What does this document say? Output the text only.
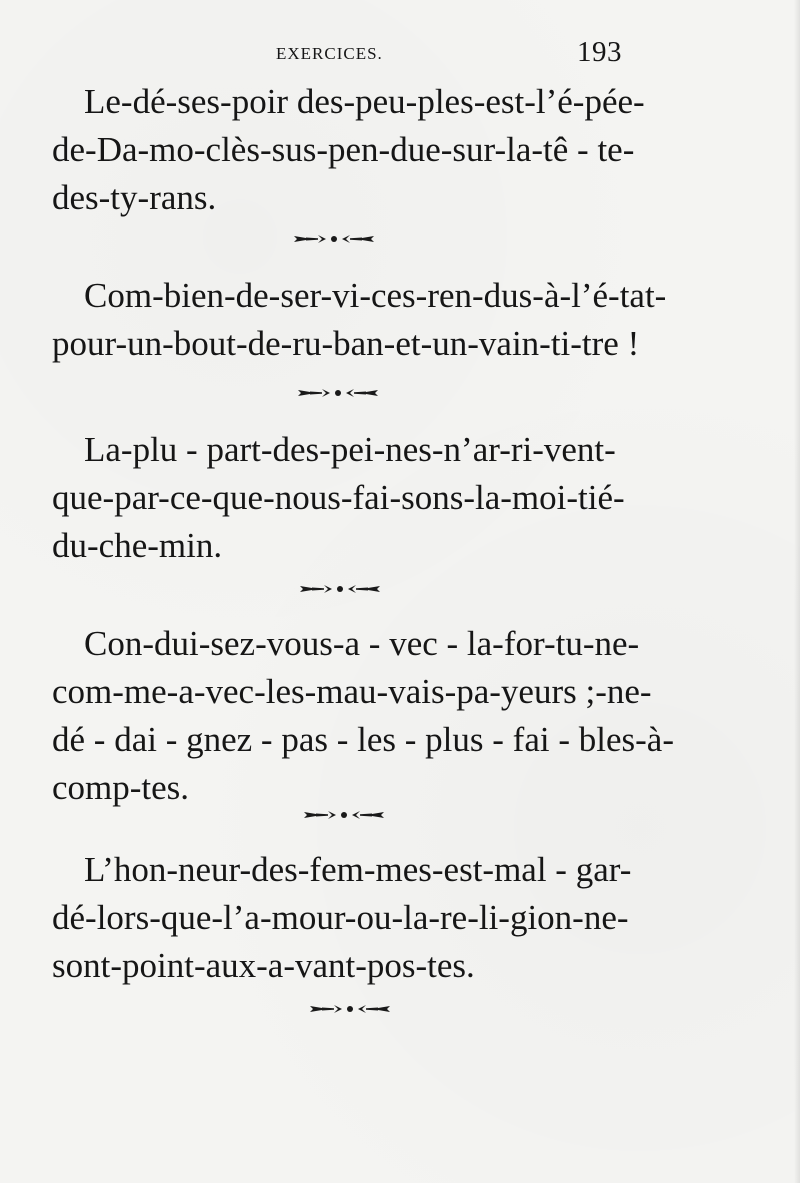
EXERCICES.	193
Le-dé-ses-poir des-peu-ples-est-l’é-pée-
de-Da-mo-clès-sus-pen-due-sur-la-tê - te-
des-ty-rans.
Com-bien-de-ser-vi-ces-ren-dus-à-l’é-tat-
pour-un-bout-de-ru-ban-et-un-vain-ti-tre !
La-plu - part-des-pei-nes-n’ar-ri-vent-
que-par-ce-que-nous-fai-sons-la-moi-tié-
du-che-min.
Con-dui-sez-vous-a - vec - la-for-tu-ne-
com-me-a-vec-les-mau-vais-pa-yeurs ;-ne-
dé - dai - gnez - pas - les - plus - fai - bles-à-
comp-tes.
L’hon-neur-des-fem-mes-est-mal - gar-
dé-lors-que-l’a-mour-ou-la-re-li-gion-ne-
sont-point-aux-a-vant-pos-tes.
